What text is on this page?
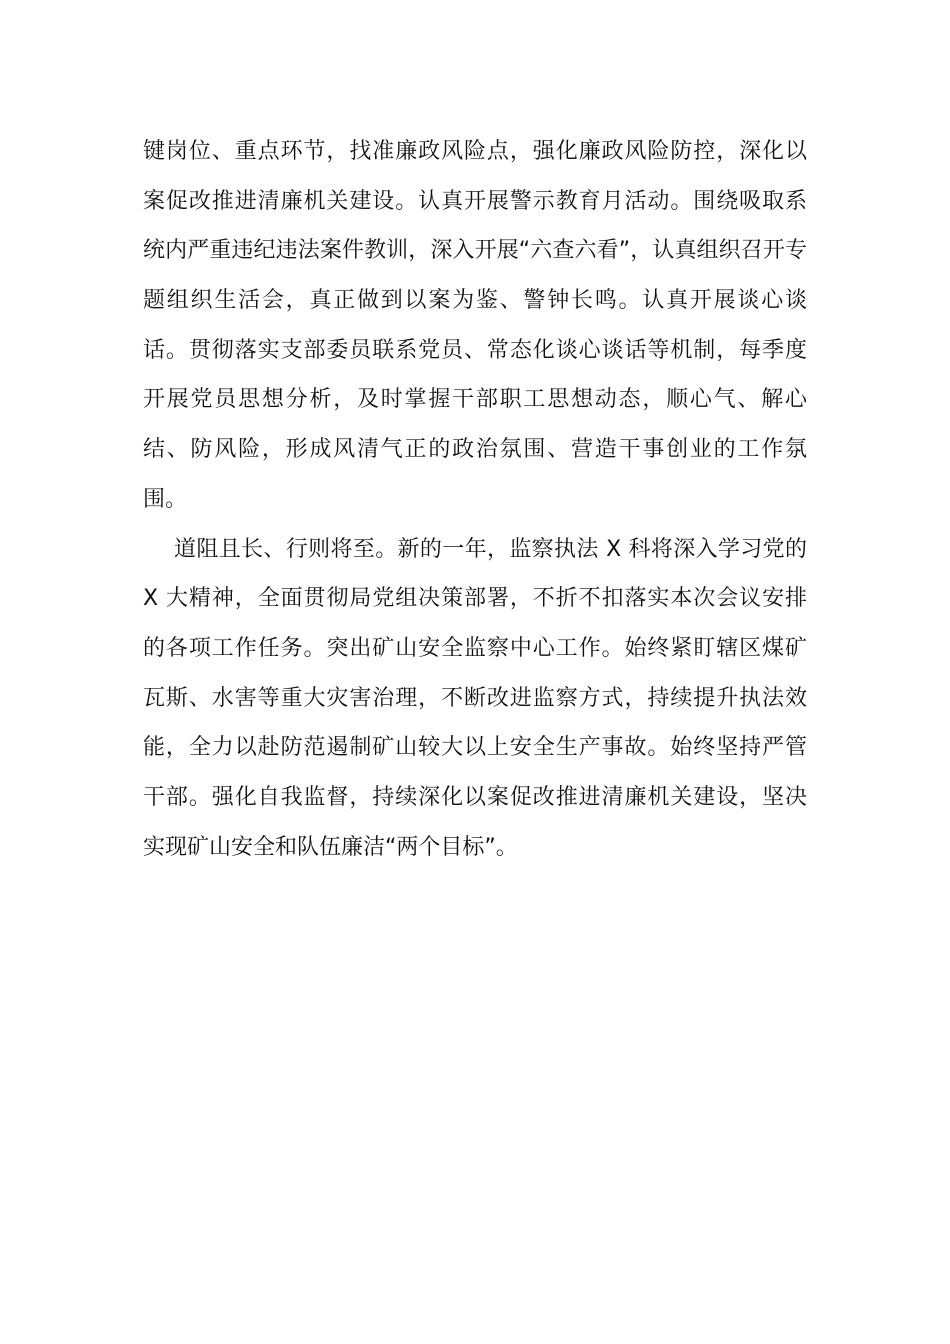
键岗位、重点环节，找准廉政风险点，强化廉政风险防控，深化以
案促改推进清廉机关建设。认真开展警示教育月活动。围绕吸取系
统内严重违纪违法案件教训，深入开展“六查六看”，认真组织召开专
题组织生活会，真正做到以案为鉴、警钟长鸣。认真开展谈心谈
话。贯彻落实支部委员联系党员、常态化谈心谈话等机制，每季度
开展党员思想分析，及时掌握干部职工思想动态，顺心气、解心
结、防风险，形成风清气正的政治氛围、营造干事创业的工作氛
围。
道阻且长、行则将至。新的一年，监察执法 X 科将深入学习党的
X 大精神，全面贯彻局党组决策部署，不折不扣落实本次会议安排
的各项工作任务。突出矿山安全监察中心工作。始终紧盯辖区煤矿
瓦斯、水害等重大灾害治理，不断改进监察方式，持续提升执法效
能，全力以赴防范遏制矿山较大以上安全生产事故。始终坚持严管
干部。强化自我监督，持续深化以案促改推进清廉机关建设，坚决
实现矿山安全和队伍廉洁“两个目标”。
